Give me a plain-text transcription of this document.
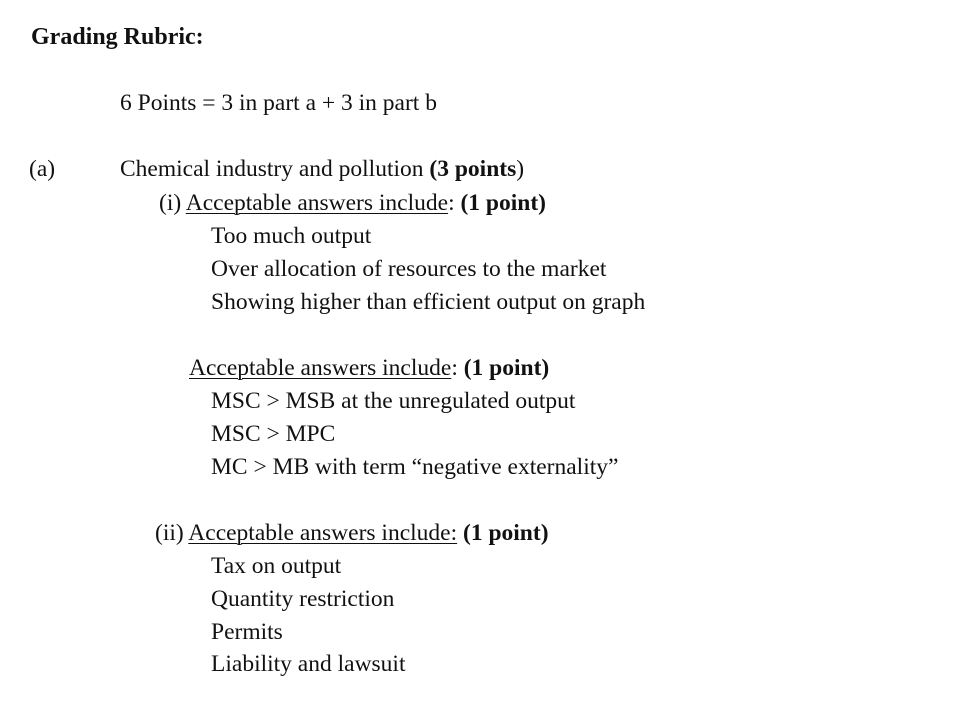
Grading Rubric:

6 Points = 3 in part a + 3 in part b

(a)	Chemical industry and pollution (3 points)

(i) Acceptable answers include: (1 point)

Too much output

Over allocation of resources to the market

Showing higher than efficient output on graph

Acceptable answers include: (1 point)

MSC > MSB at the unregulated output

MSC > MPC

MC > MB with term “negative externality”

(ii) Acceptable answers include: (1 point)

Tax on output

Quantity restriction

Permits

Liability and lawsuit
